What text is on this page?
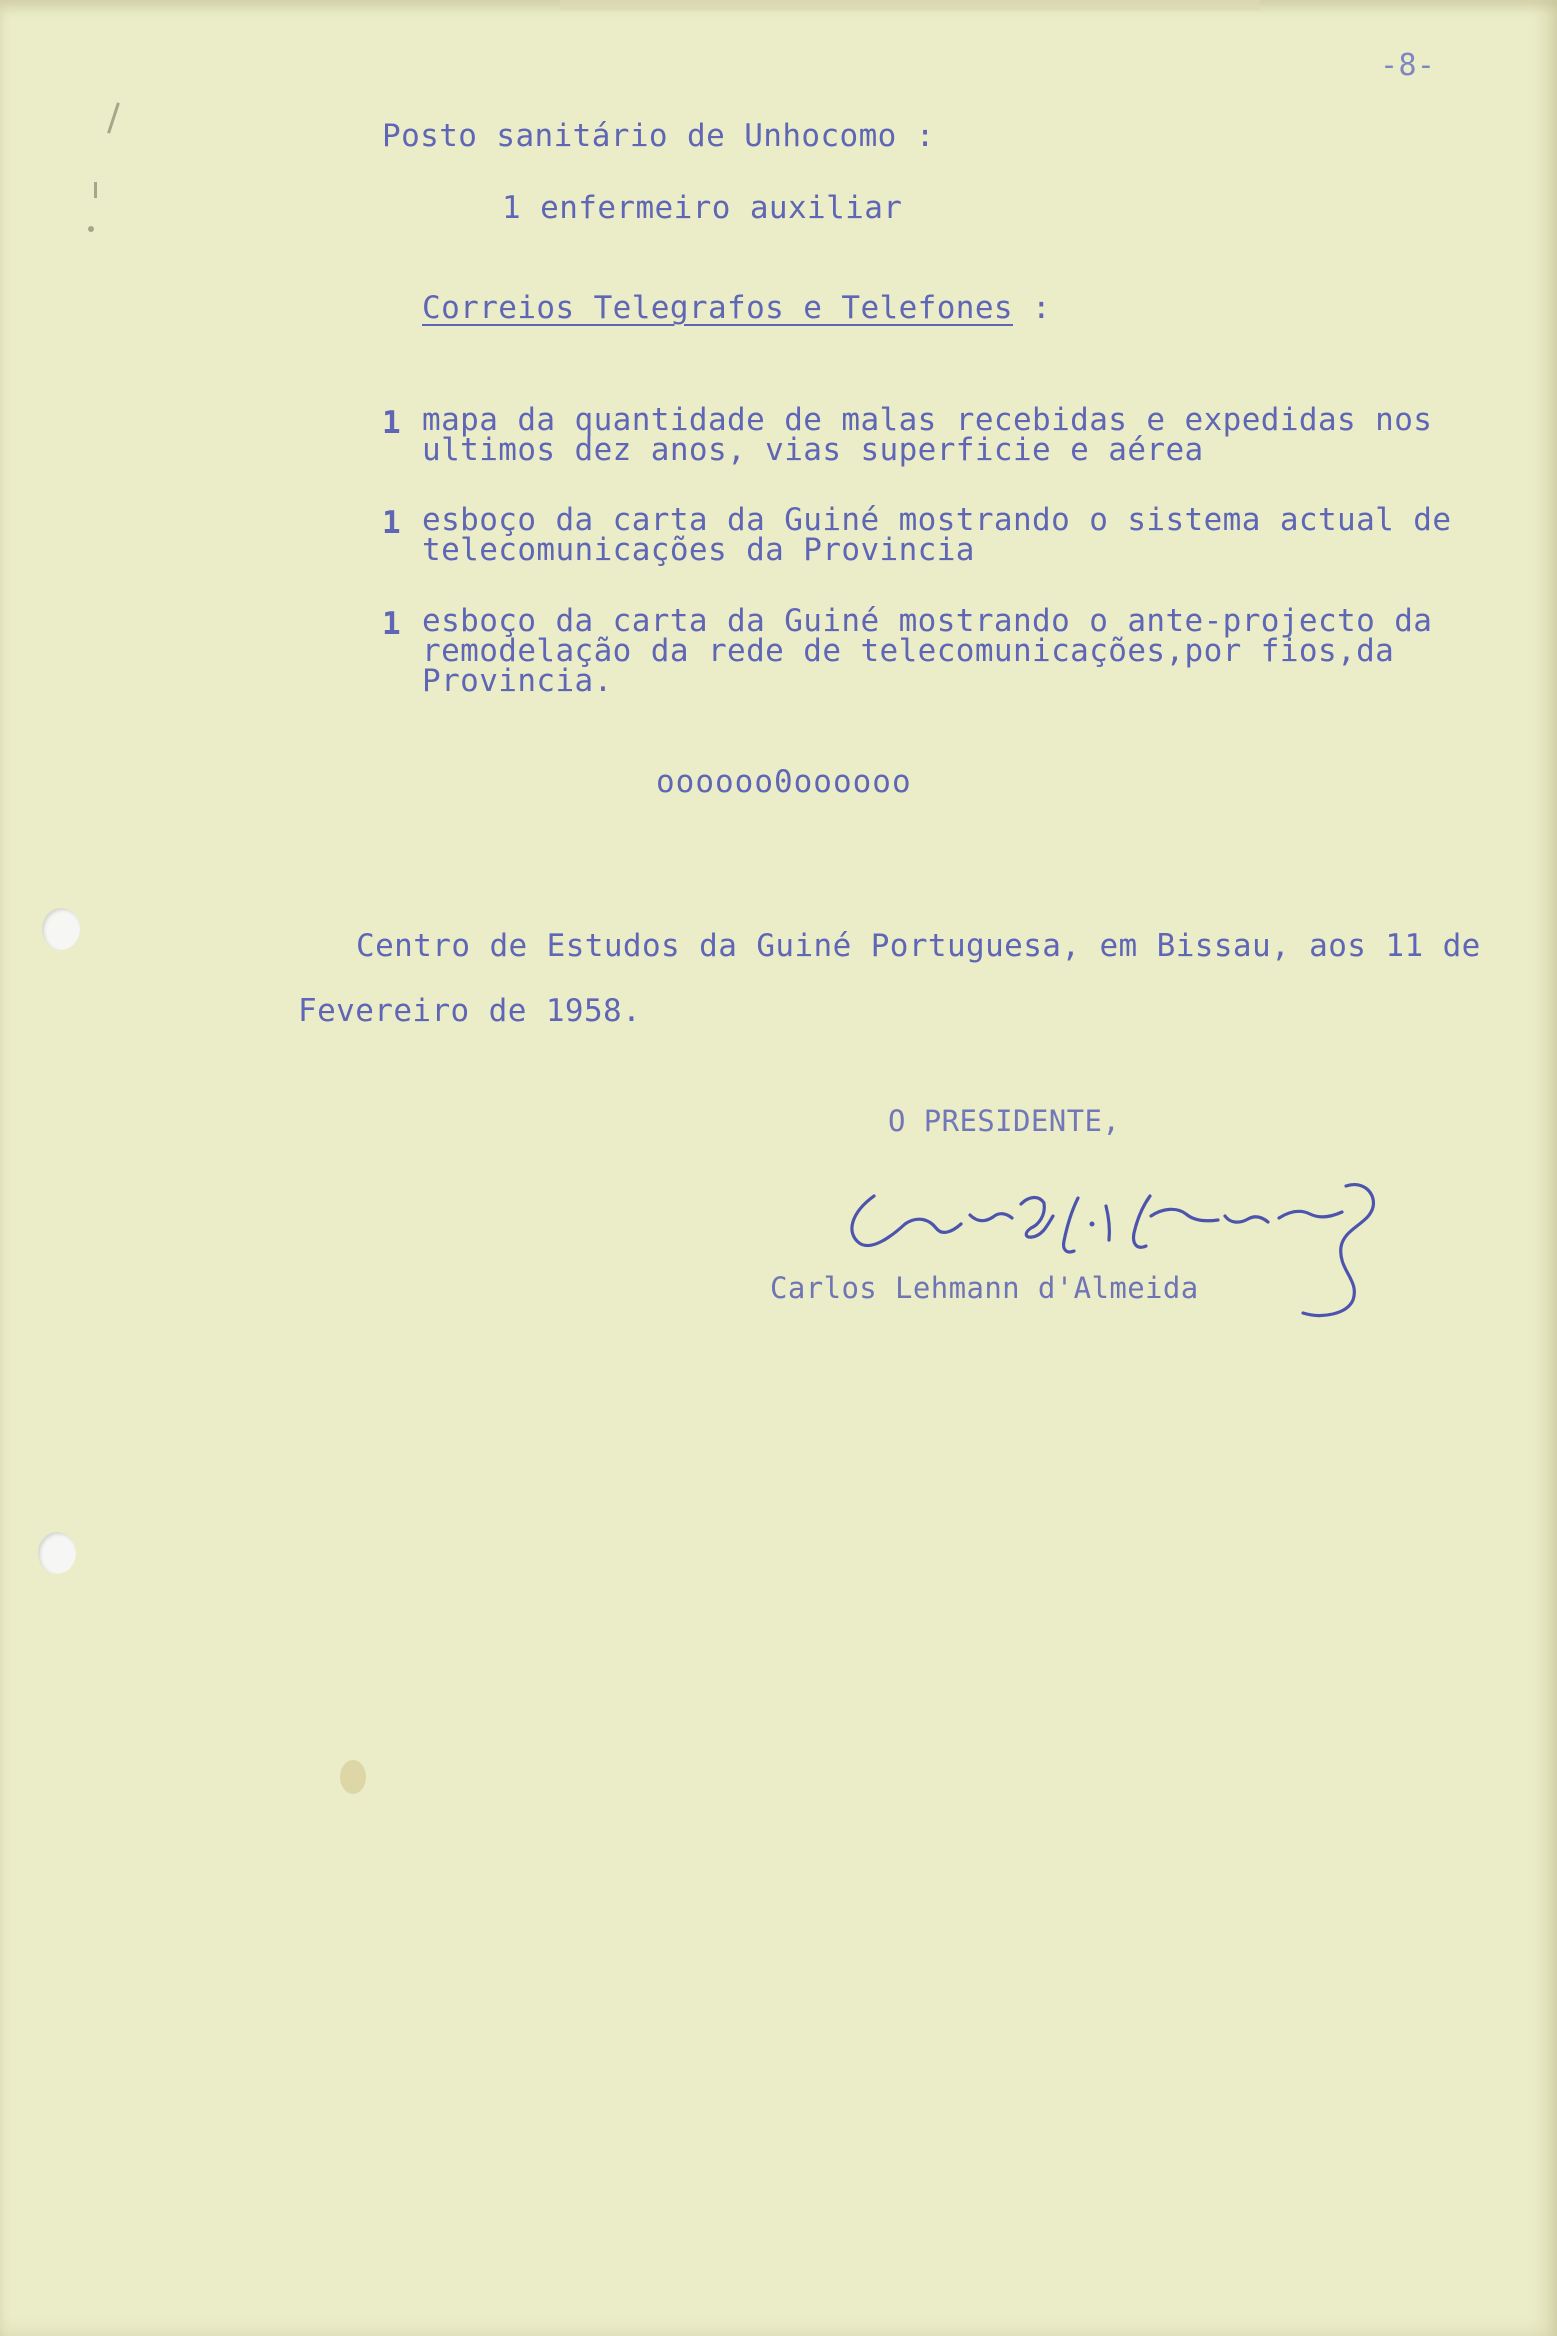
-8-
Posto sanitário de Unhocomo :
1 enfermeiro auxiliar
Correios Telegrafos e Telefones :
1 mapa da quantidade de malas recebidas e expedidas nos ultimos dez anos, vias superficie e aérea
1 esboço da carta da Guiné mostrando o sistema actual de telecomunicações da Provincia
1 esboço da carta da Guiné mostrando o ante-projecto da remodelação da rede de telecomunicações,por fios,da Provincia.
oooooo0oooooo
Centro de Estudos da Guiné Portuguesa, em Bissau, aos 11 de
Fevereiro de 1958.
O PRESIDENTE,
Carlos Lehmann d'Almeida
